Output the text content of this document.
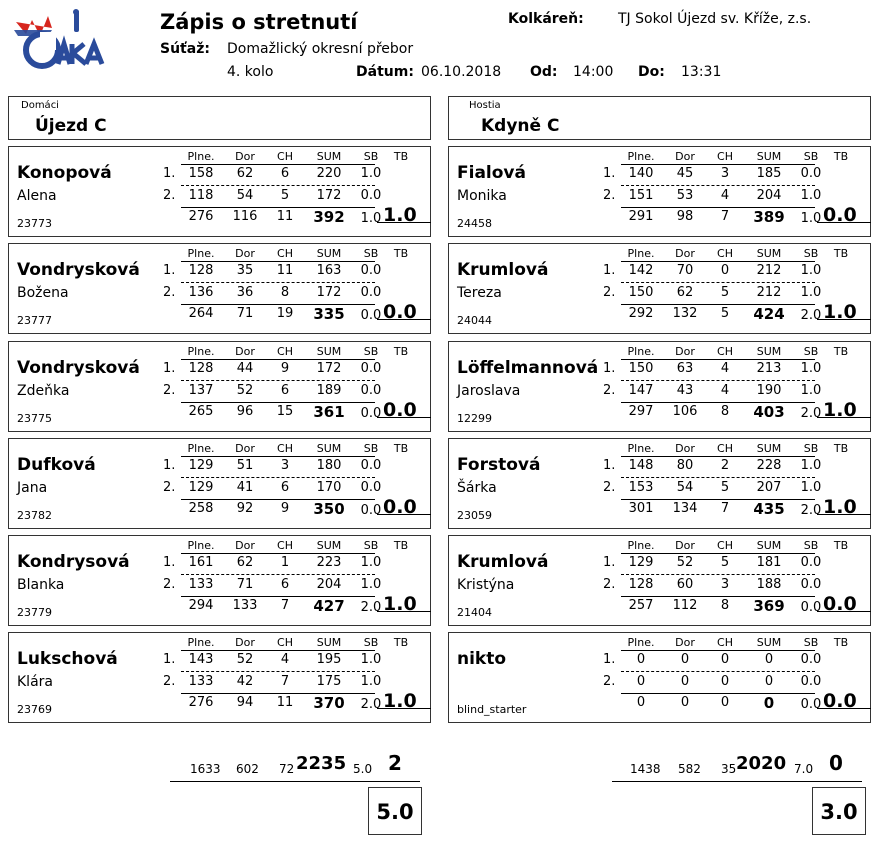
Zápis o stretnutí	Kolkáreň: TJ Sokol Újezd sv. Kříže, z.s.
Súťaž: Domažlický okresní přebor
4. kolo	Dátum: 06.10.2018 Od: 14:00 Do: 13:31
Domáci
Újezd C
Hostia
Kdyně C
Plne.	Dor	CH	SUM	SB	TB
Konopová
Alena
23773
1.
2.
158	62	6	220	1.0
118	54	5	172	0.0
276	116	11	392	1.0 1.0
Plne.	Dor	CH	SUM	SB	TB
Vondrysková
Božena
23777
1.
2.
128	35	11	163	0.0
136	36	8	172	0.0
264	71	19	335	0.0 0.0
Plne.	Dor	CH	SUM	SB	TB
Vondrysková
Zdeňka
23775
1.
2.
128	44	9	172	0.0
137	52	6	189	0.0
265	96	15	361	0.0 0.0
Plne.	Dor	CH	SUM	SB	TB
Dufková
Jana
23782
1.
2.
129	51	3	180	0.0
129	41	6	170	0.0
258	92	9	350	0.0 0.0
Plne.	Dor	CH	SUM	SB	TB
Kondrysová
Blanka
23779
1.
2.
161	62	1	223	1.0
133	71	6	204	1.0
294	133	7	427	2.0 1.0
Plne.	Dor	CH	SUM	SB	TB
Lukschová
Klára
23769
1.
2.
143	52	4	195	1.0
133	42	7	175	1.0
276	94	11	370	2.0 1.0
Plne.	Dor	CH	SUM	SB	TB
Fialová
Monika
24458
1.
2.
140	45	3	185	0.0
151	53	4	204	1.0
291	98	7	389	1.0 0.0
Plne.	Dor	CH	SUM	SB	TB
Krumlová
Tereza
24044
1.
2.
142	70	0	212	1.0
150	62	5	212	1.0
292	132	5	424	2.0 1.0
Plne.	Dor	CH	SUM	SB	TB
Löffelmannová
Jaroslava
12299
1.
2.
150	63	4	213	1.0
147	43	4	190	1.0
297	106	8	403	2.0 1.0
Plne.	Dor	CH	SUM	SB	TB
Forstová
Šárka
23059
1.
2.
148	80	2	228	1.0
153	54	5	207	1.0
301	134	7	435	2.0 1.0
Plne.	Dor	CH	SUM	SB	TB
Krumlová
Kristýna
21404
1.
2.
129	52	5	181	0.0
128	60	3	188	0.0
257	112	8	369	0.0 0.0
Plne.	Dor	CH	SUM	SB	TB
nikto
blind_starter
1.
2.
0	0	0	0	0.0
0	0	0	0	0.0
0	0	0	0	0.0 0.0
1633 602 72 2235 5.0 2
5.0
1438 582 35 2020 7.0 0
3.0
